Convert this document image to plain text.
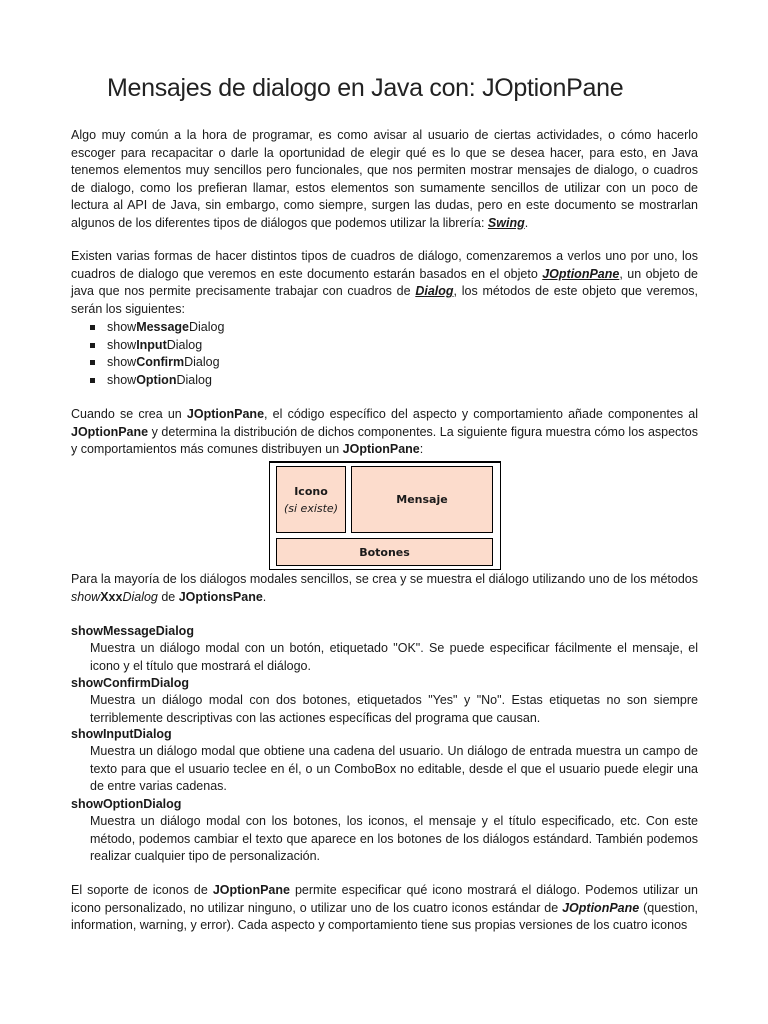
Mensajes de dialogo en Java con: JOptionPane

Algo muy común a la hora de programar, es como avisar al usuario de ciertas actividades, o cómo hacerlo escoger para recapacitar o darle la oportunidad de elegir qué es lo que se desea hacer, para esto, en Java tenemos elementos muy sencillos pero funcionales, que nos permiten mostrar mensajes de dialogo, o cuadros de dialogo, como los prefieran llamar, estos elementos son sumamente sencillos de utilizar con un poco de lectura al API de Java, sin embargo, como siempre, surgen las dudas, pero en este documento se mostrarlan algunos de los diferentes tipos de diálogos que podemos utilizar la librería: Swing.

Existen varias formas de hacer distintos tipos de cuadros de diálogo, comenzaremos a verlos uno por uno, los cuadros de dialogo que veremos en este documento estarán basados en el objeto JOptionPane, un objeto de java que nos permite precisamente trabajar con cuadros de Dialog, los métodos de este objeto que veremos, serán los siguientes:

showMessageDialog
showInputDialog
showConfirmDialog
showOptionDialog

Cuando se crea un JOptionPane, el código específico del aspecto y comportamiento añade componentes al JOptionPane y determina la distribución de dichos componentes. La siguiente figura muestra cómo los aspectos y comportamientos más comunes distribuyen un JOptionPane:

Icono
(si existe)
Mensaje
Botones

Para la mayoría de los diálogos modales sencillos, se crea y se muestra el diálogo utilizando uno de los métodos showXxxDialog de JOptionsPane.

showMessageDialog

Muestra un diálogo modal con un botón, etiquetado "OK". Se puede especificar fácilmente el mensaje, el icono y el título que mostrará el diálogo.

showConfirmDialog

Muestra un diálogo modal con dos botones, etiquetados "Yes" y "No". Estas etiquetas no son siempre terriblemente descriptivas con las actiones específicas del programa que causan.

showInputDialog

Muestra un diálogo modal que obtiene una cadena del usuario. Un diálogo de entrada muestra un campo de texto para que el usuario teclee en él, o un ComboBox no editable, desde el que el usuario puede elegir una de entre varias cadenas.

showOptionDialog

Muestra un diálogo modal con los botones, los iconos, el mensaje y el título especificado, etc. Con este método, podemos cambiar el texto que aparece en los botones de los diálogos estándard. También podemos realizar cualquier tipo de personalización.

El soporte de iconos de JOptionPane permite especificar qué icono mostrará el diálogo. Podemos utilizar un icono personalizado, no utilizar ninguno, o utilizar uno de los cuatro iconos estándar de JOptionPane (question, information, warning, y error). Cada aspecto y comportamiento tiene sus propias versiones de los cuatro iconos
